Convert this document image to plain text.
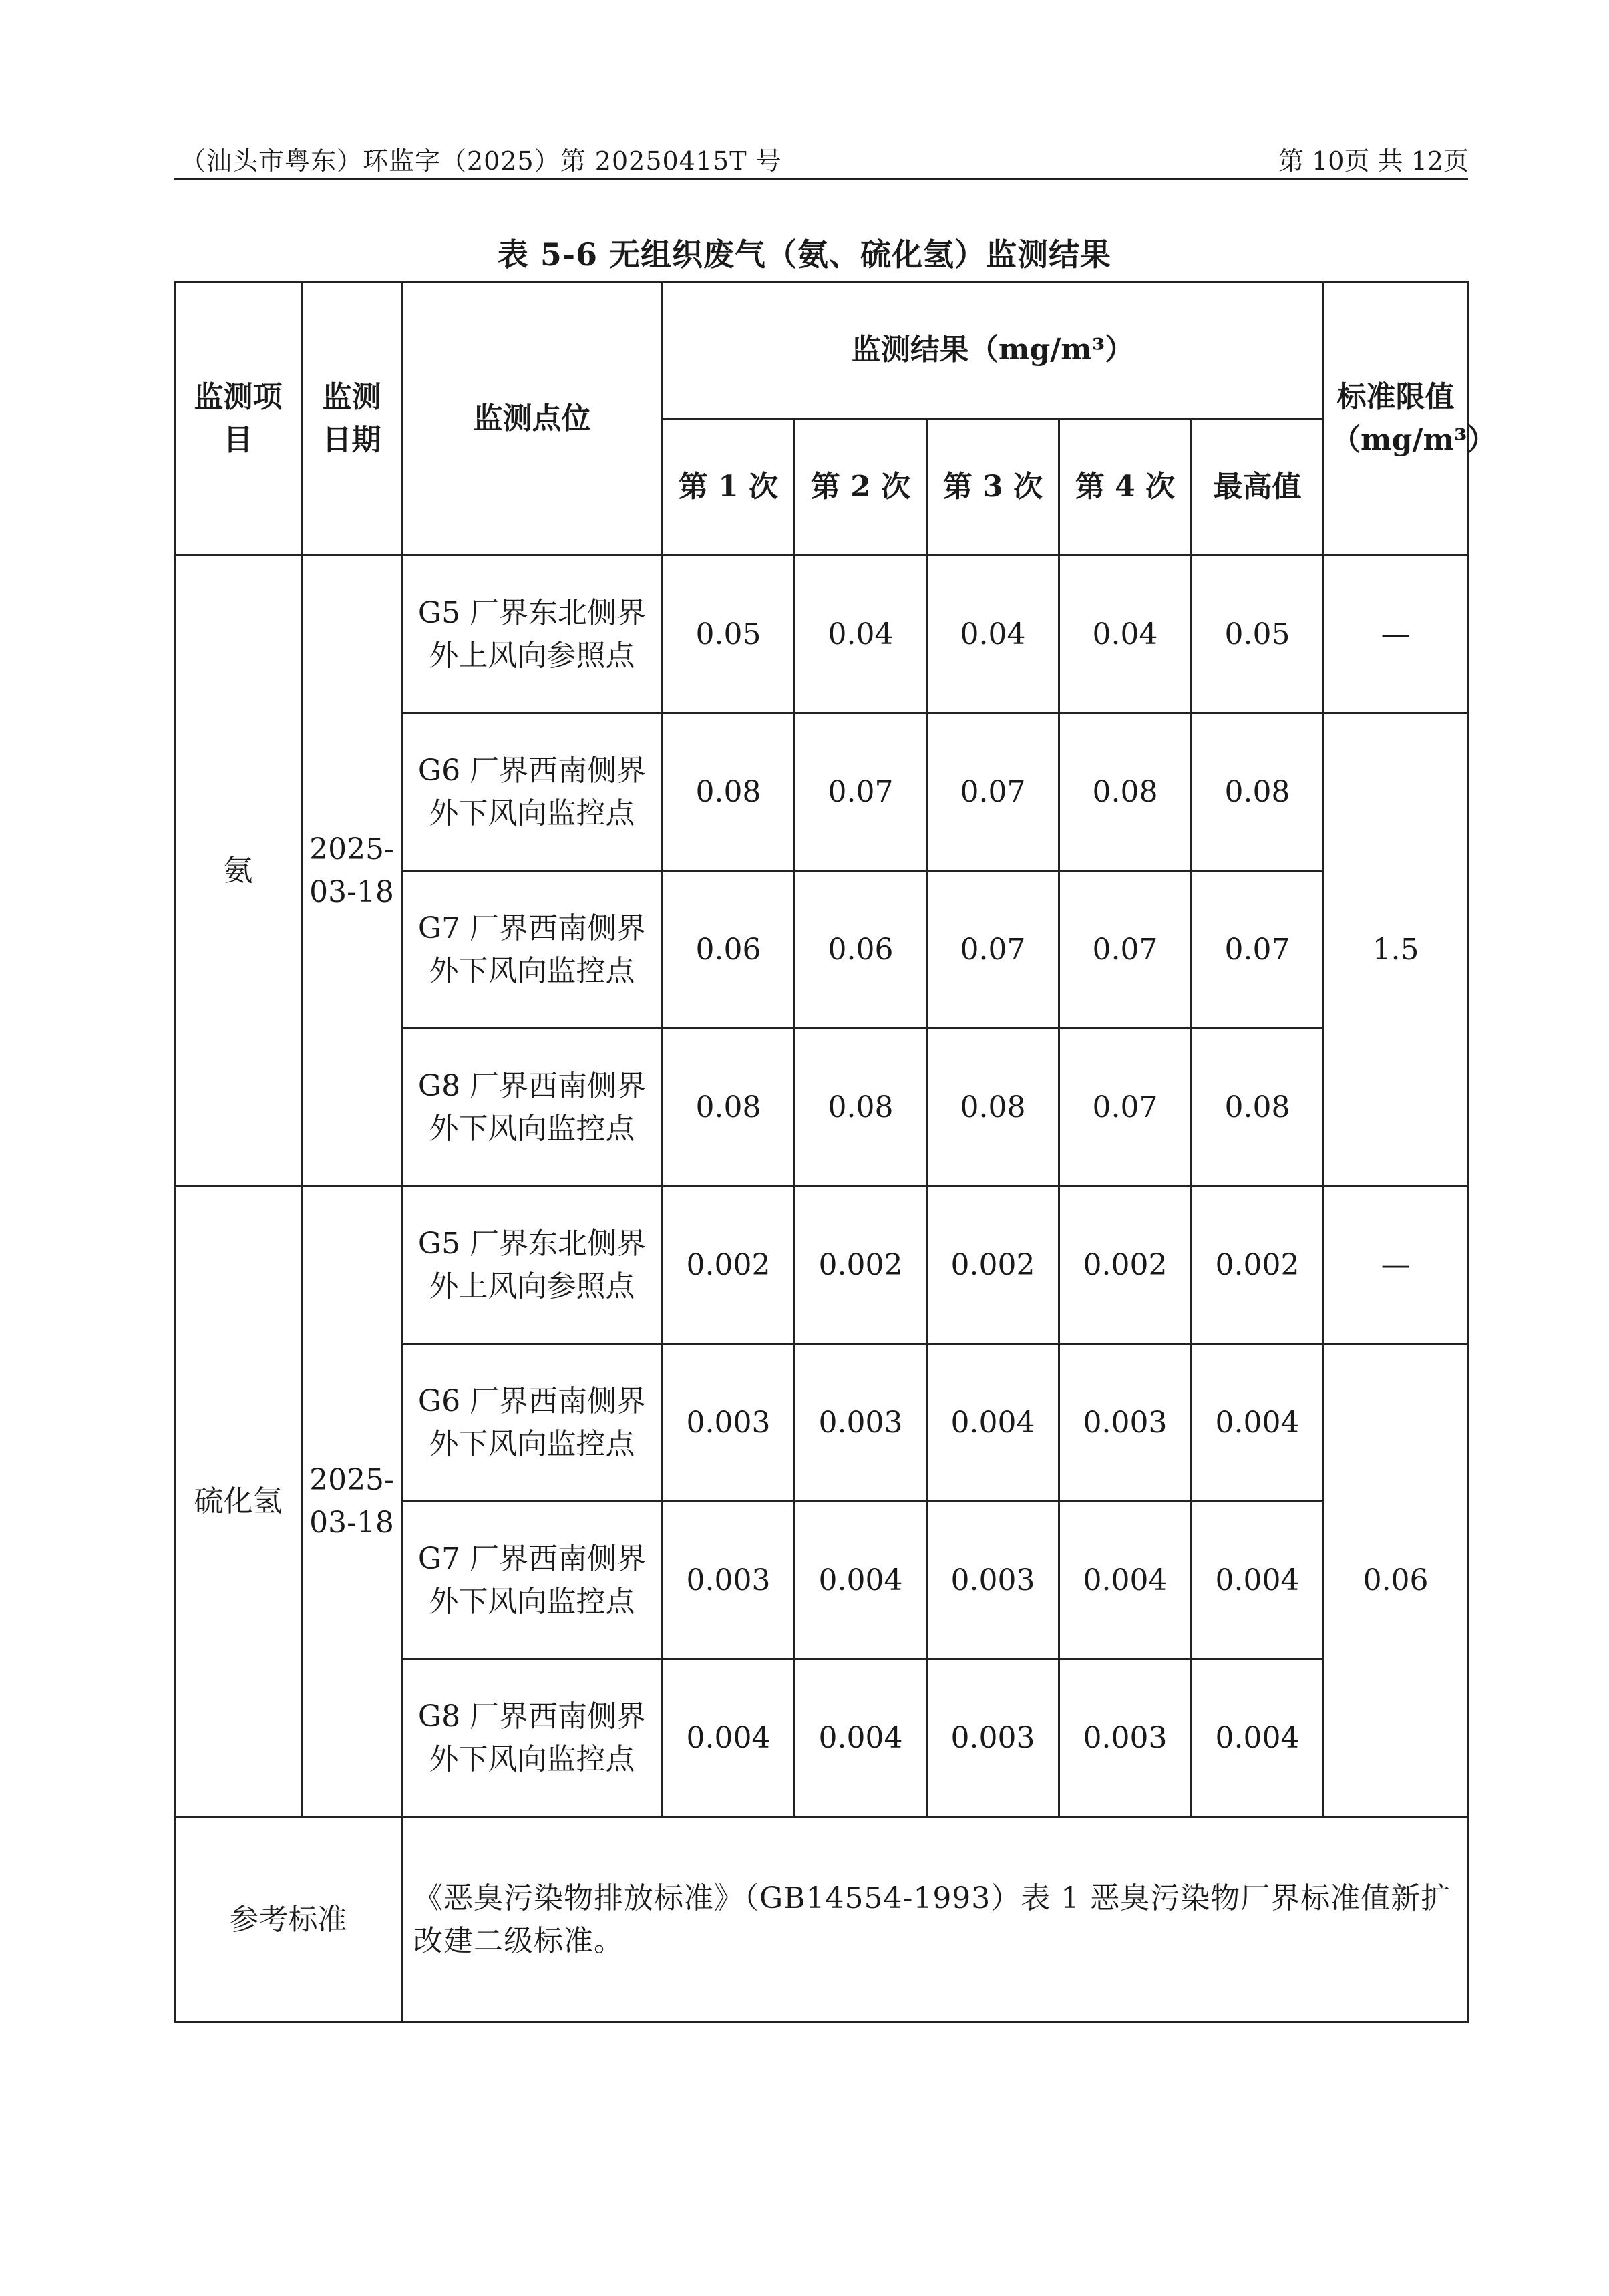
（汕头市粤东）环监字（2025）第 20250415T 号	第 10页 共 12页
表 5-6 无组织废气（氨、硫化氢）监测结果
监测项目	监测日期	监测点位	监测结果（mg/m³）					标准限值（mg/m³）
			第 1 次	第 2 次	第 3 次	第 4 次	最高值	
氨	2025-03-18	G5 厂界东北侧界外上风向参照点	0.05	0.04	0.04	0.04	0.05	—
		G6 厂界西南侧界外下风向监控点	0.08	0.07	0.07	0.08	0.08	1.5
		G7 厂界西南侧界外下风向监控点	0.06	0.06	0.07	0.07	0.07	
		G8 厂界西南侧界外下风向监控点	0.08	0.08	0.08	0.07	0.08	
硫化氢	2025-03-18	G5 厂界东北侧界外上风向参照点	0.002	0.002	0.002	0.002	0.002	—
		G6 厂界西南侧界外下风向监控点	0.003	0.003	0.004	0.003	0.004	0.06
		G7 厂界西南侧界外下风向监控点	0.003	0.004	0.003	0.004	0.004	
		G8 厂界西南侧界外下风向监控点	0.004	0.004	0.003	0.003	0.004	
参考标准		《恶臭污染物排放标准》（GB14554-1993）表 1 恶臭污染物厂界标准值新扩改建二级标准。						
